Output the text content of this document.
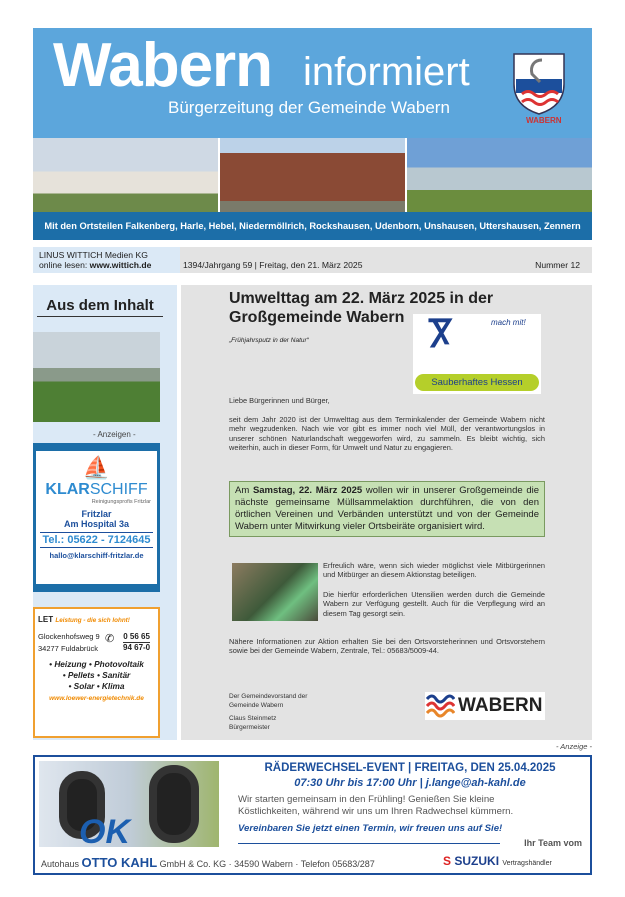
Wabern informiert
Bürgerzeitung der Gemeinde Wabern
WABERN
Mit den Ortsteilen Falkenberg, Harle, Hebel, Niedermöllrich, Rockshausen, Udenborn, Unshausen, Uttershausen, Zennern
LINUS WITTICH Medien KG
online lesen: www.wittich.de	1394/Jahrgang 59 | Freitag, den 21. März 2025	Nummer 12
Aus dem Inhalt
- Anzeigen -
⛵
KLARSCHIFF
Reinigungsprofis Fritzlar
Fritzlar
Am Hospital 3a
Tel.: 05622 - 7124645
hallo@klarschiff-fritzlar.de
LET Leistung - die sich lohnt!
Glockenhofsweg 9
34277 Fuldabrück
✆ 0 56 65
94 67-0
• Heizung • Photovoltaik
• Pellets • Sanitär
• Solar • Klima
www.loewer-energietechnik.de
Umwelttag am 22. März 2025 in der Großgemeinde Wabern
„Frühjahrsputz in der Natur“	Ⴟ	mach mit!
Sauberhaftes Hessen
Liebe Bürgerinnen und Bürger,
seit dem Jahr 2020 ist der Umwelttag aus dem Terminkalender der Gemeinde Wabern nicht mehr wegzudenken. Nach wie vor gibt es immer noch viel Müll, der verantwortungslos in unserer schönen Naturlandschaft weggeworfen wird, zu sammeln. Es bleibt wichtig, sich weiterhin, auch in dieser Form, für Umwelt und Natur zu engagieren.
Am Samstag, 22. März 2025 wollen wir in unserer Großgemeinde die nächste gemeinsame Müllsammelaktion durchführen, die von den örtlichen Vereinen und Verbänden unterstützt und von der Gemeinde Wabern unter Mitwirkung vieler Ortsbeiräte organisiert wird.
Erfreulich wäre, wenn sich wieder möglichst viele Mitbürgerinnen und Mitbürger an diesem Aktionstag beteiligen.
Die hierfür erforderlichen Utensilien werden durch die Gemeinde Wabern zur Verfügung gestellt. Auch für die Verpflegung wird an diesem Tag gesorgt sein.
Nähere Informationen zur Aktion erhalten Sie bei den Ortsvorsteherinnen und Ortsvorstehern sowie bei der Gemeinde Wabern, Zentrale, Tel.: 05683/5009-44.
Der Gemeindevorstand der
Gemeinde Wabern
Claus Steinmetz
Bürgermeister
WABERN
- Anzeige -
OK
RÄDERWECHSEL-EVENT | FREITAG, DEN 25.04.2025
07:30 Uhr bis 17:00 Uhr | j.lange@ah-kahl.de
Wir starten gemeinsam in den Frühling! Genießen Sie kleine
Köstlichkeiten, während wir uns um Ihren Radwechsel kümmern.
Vereinbaren Sie jetzt einen Termin, wir freuen uns auf Sie!
Ihr Team vom
Autohaus OTTO KAHL GmbH & Co. KG · 34590 Wabern · Telefon 05683/287	S SUZUKI Vertragshändler
